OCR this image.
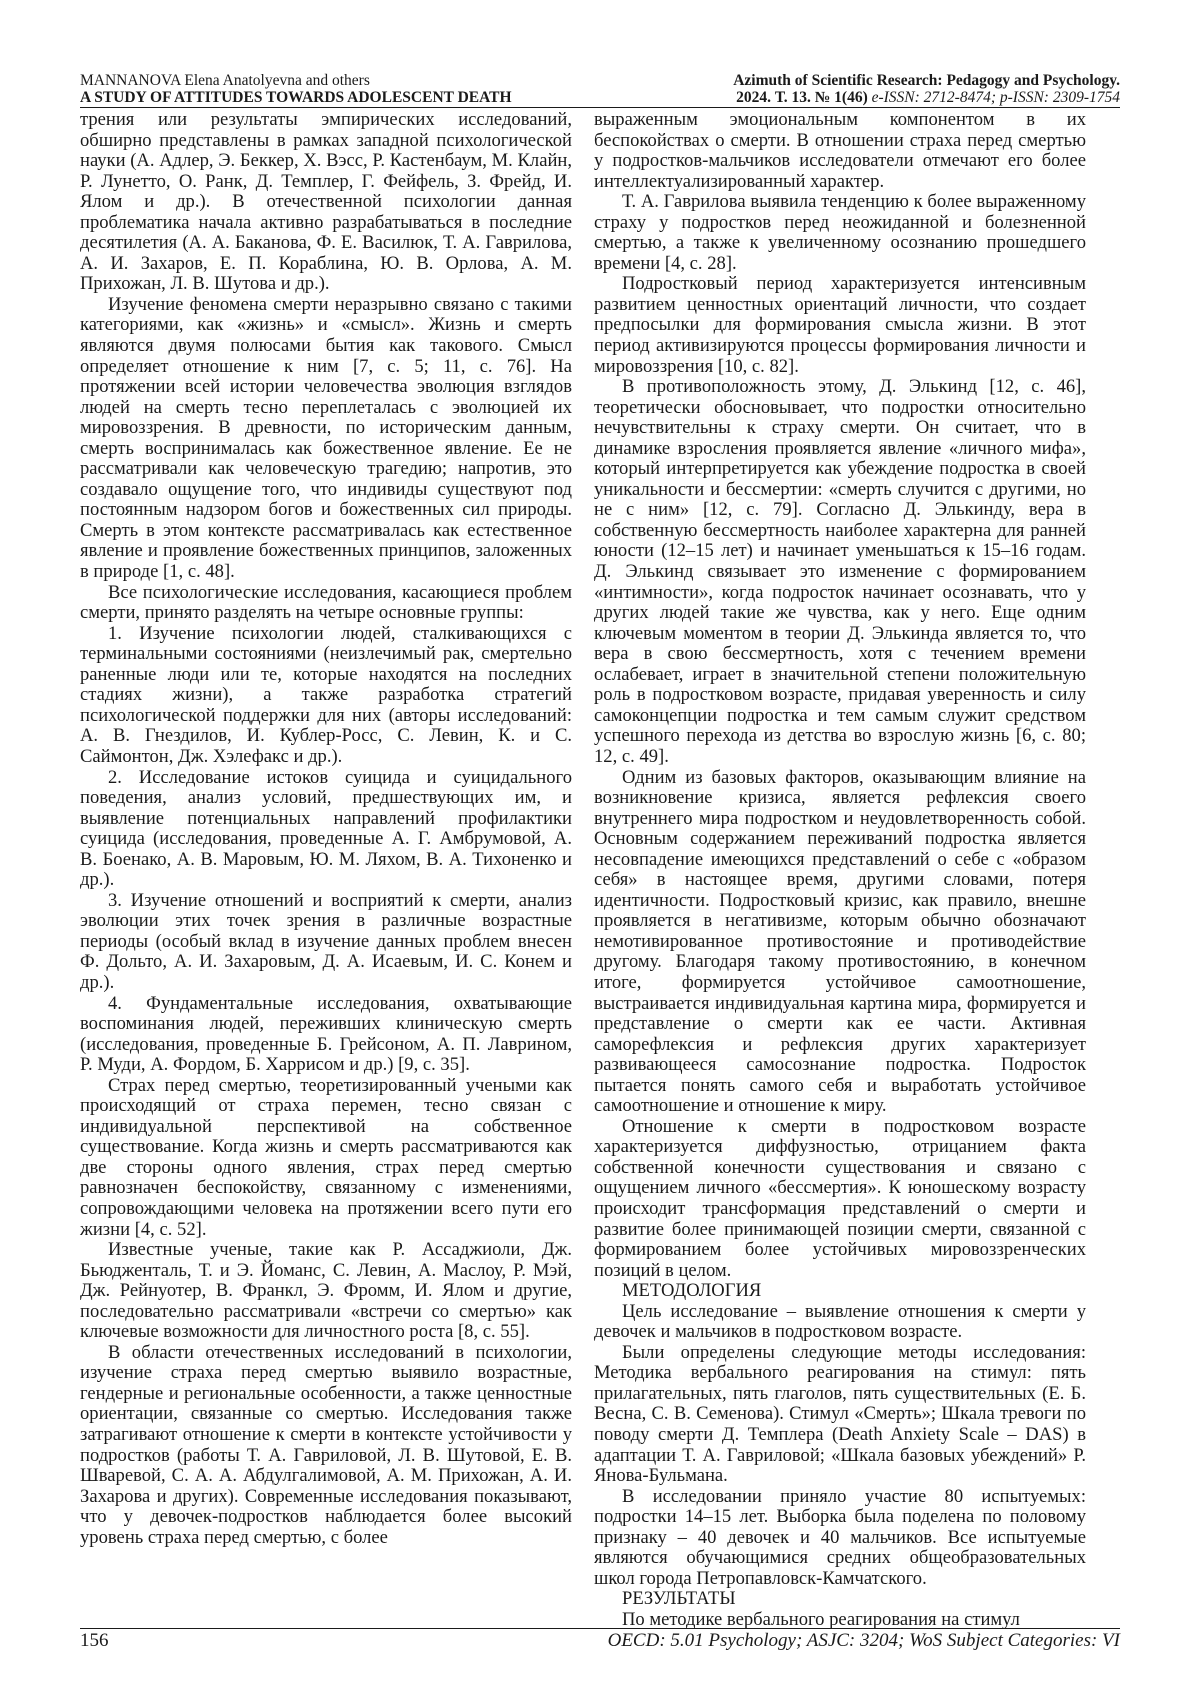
MANNANOVA Elena Anatolyevna and others
A STUDY OF ATTITUDES TOWARDS ADOLESCENT DEATH
Azimuth of Scientific Research: Pedagogy and Psychology.
2024. Т. 13. № 1(46) e-ISSN: 2712-8474; p-ISSN: 2309-1754

трения или результаты эмпирических исследований, обширно представлены в рамках западной психологической науки (А. Адлер, Э. Беккер, Х. Вэсс, Р. Кастенбаум, М. Клайн, Р. Лунетто, О. Ранк, Д. Темплер, Г. Фейфель, З. Фрейд, И. Ялом и др.). В отечественной психологии данная проблематика начала активно разрабатываться в последние десятилетия (А. А. Баканова, Ф. Е. Василюк, Т. А. Гаврилова, А. И. Захаров, Е. П. Кораблина, Ю. В. Орлова, А. М. Прихожан, Л. В. Шутова и др.).

Изучение феномена смерти неразрывно связано с такими категориями, как «жизнь» и «смысл». Жизнь и смерть являются двумя полюсами бытия как такового. Смысл определяет отношение к ним [7, с. 5; 11, с. 76]. На протяжении всей истории человечества эволюция взглядов людей на смерть тесно переплеталась с эволюцией их мировоззрения. В древности, по историческим данным, смерть воспринималась как божественное явление. Ее не рассматривали как человеческую трагедию; напротив, это создавало ощущение того, что индивиды существуют под постоянным надзором богов и божественных сил природы. Смерть в этом контексте рассматривалась как естественное явление и проявление божественных принципов, заложенных в природе [1, с. 48].

Все психологические исследования, касающиеся проблем смерти, принято разделять на четыре основные группы:

1. Изучение психологии людей, сталкивающихся с терминальными состояниями (неизлечимый рак, смертельно раненные люди или те, которые находятся на последних стадиях жизни), а также разработка стратегий психологической поддержки для них (авторы исследований: А. В. Гнездилов, И. Кублер-Росс, С. Левин, К. и С. Саймонтон, Дж. Хэлефакс и др.).

2. Исследование истоков суицида и суицидального поведения, анализ условий, предшествующих им, и выявление потенциальных направлений профилактики суицида (исследования, проведенные А. Г. Амбрумовой, А. В. Боенако, А. В. Маровым, Ю. М. Ляхом, В. А. Тихоненко и др.).

3. Изучение отношений и восприятий к смерти, анализ эволюции этих точек зрения в различные возрастные периоды (особый вклад в изучение данных проблем внесен Ф. Дольто, А. И. Захаровым, Д. А. Исаевым, И. С. Конем и др.).

4. Фундаментальные исследования, охватывающие воспоминания людей, переживших клиническую смерть (исследования, проведенные Б. Грейсоном, А. П. Лаврином, Р. Муди, А. Фордом, Б. Харрисом и др.) [9, с. 35].

Страх перед смертью, теоретизированный учеными как происходящий от страха перемен, тесно связан с индивидуальной перспективой на собственное существование. Когда жизнь и смерть рассматриваются как две стороны одного явления, страх перед смертью равнозначен беспокойству, связанному с изменениями, сопровождающими человека на протяжении всего пути его жизни [4, с. 52].

Известные ученые, такие как Р. Ассаджиоли, Дж. Бьюдженталь, Т. и Э. Йоманс, С. Левин, А. Маслоу, Р. Мэй, Дж. Рейнуотер, В. Франкл, Э. Фромм, И. Ялом и другие, последовательно рассматривали «встречи со смертью» как ключевые возможности для личностного роста [8, с. 55].

В области отечественных исследований в психологии, изучение страха перед смертью выявило возрастные, гендерные и региональные особенности, а также ценностные ориентации, связанные со смертью. Исследования также затрагивают отношение к смерти в контексте устойчивости у подростков (работы Т. А. Гавриловой, Л. В. Шутовой, Е. В. Шваревой, С. А. А. Абдулгалимовой, А. М. Прихожан, А. И. Захарова и других). Современные исследования показывают, что у девочек-подростков наблюдается более высокий уровень страха перед смертью, с более

выраженным эмоциональным компонентом в их беспокойствах о смерти. В отношении страха перед смертью у подростков-мальчиков исследователи отмечают его более интеллектуализированный характер.

Т. А. Гаврилова выявила тенденцию к более выраженному страху у подростков перед неожиданной и болезненной смертью, а также к увеличенному осознанию прошедшего времени [4, с. 28].

Подростковый период характеризуется интенсивным развитием ценностных ориентаций личности, что создает предпосылки для формирования смысла жизни. В этот период активизируются процессы формирования личности и мировоззрения [10, с. 82].

В противоположность этому, Д. Элькинд [12, с. 46], теоретически обосновывает, что подростки относительно нечувствительны к страху смерти. Он считает, что в динамике взросления проявляется явление «личного мифа», который интерпретируется как убеждение подростка в своей уникальности и бессмертии: «смерть случится с другими, но не с ним» [12, с. 79]. Согласно Д. Элькинду, вера в собственную бессмертность наиболее характерна для ранней юности (12–15 лет) и начинает уменьшаться к 15–16 годам. Д. Элькинд связывает это изменение с формированием «интимности», когда подросток начинает осознавать, что у других людей такие же чувства, как у него. Еще одним ключевым моментом в теории Д. Элькинда является то, что вера в свою бессмертность, хотя с течением времени ослабевает, играет в значительной степени положительную роль в подростковом возрасте, придавая уверенность и силу самоконцепции подростка и тем самым служит средством успешного перехода из детства во взрослую жизнь [6, с. 80; 12, с. 49].

Одним из базовых факторов, оказывающим влияние на возникновение кризиса, является рефлексия своего внутреннего мира подростком и неудовлетворенность собой. Основным содержанием переживаний подростка является несовпадение имеющихся представлений о себе с «образом себя» в настоящее время, другими словами, потеря идентичности. Подростковый кризис, как правило, внешне проявляется в негативизме, которым обычно обозначают немотивированное противостояние и противодействие другому. Благодаря такому противостоянию, в конечном итоге, формируется устойчивое самоотношение, выстраивается индивидуальная картина мира, формируется и представление о смерти как ее части. Активная саморефлексия и рефлексия других характеризует развивающееся самосознание подростка. Подросток пытается понять самого себя и выработать устойчивое самоотношение и отношение к миру.

Отношение к смерти в подростковом возрасте характеризуется диффузностью, отрицанием факта собственной конечности существования и связано с ощущением личного «бессмертия». К юношескому возрасту происходит трансформация представлений о смерти и развитие более принимающей позиции смерти, связанной с формированием более устойчивых мировоззренческих позиций в целом.

МЕТОДОЛОГИЯ

Цель исследование – выявление отношения к смерти у девочек и мальчиков в подростковом возрасте.

Были определены следующие методы исследования: Методика вербального реагирования на стимул: пять прилагательных, пять глаголов, пять существительных (Е. Б. Весна, С. В. Семенова). Стимул «Смерть»; Шкала тревоги по поводу смерти Д. Темплера (Death Anxiety Scale – DAS) в адаптации Т. А. Гавриловой; «Шкала базовых убеждений» Р. Янова-Бульмана.

В исследовании приняло участие 80 испытуемых: подростки 14–15 лет. Выборка была поделена по половому признаку – 40 девочек и 40 мальчиков. Все испытуемые являются обучающимися средних общеобразовательных школ города Петропавловск-Камчатского.

РЕЗУЛЬТАТЫ

По методике вербального реагирования на стимул

156	OECD: 5.01 Psychology; ASJC: 3204; WoS Subject Categories: VI
